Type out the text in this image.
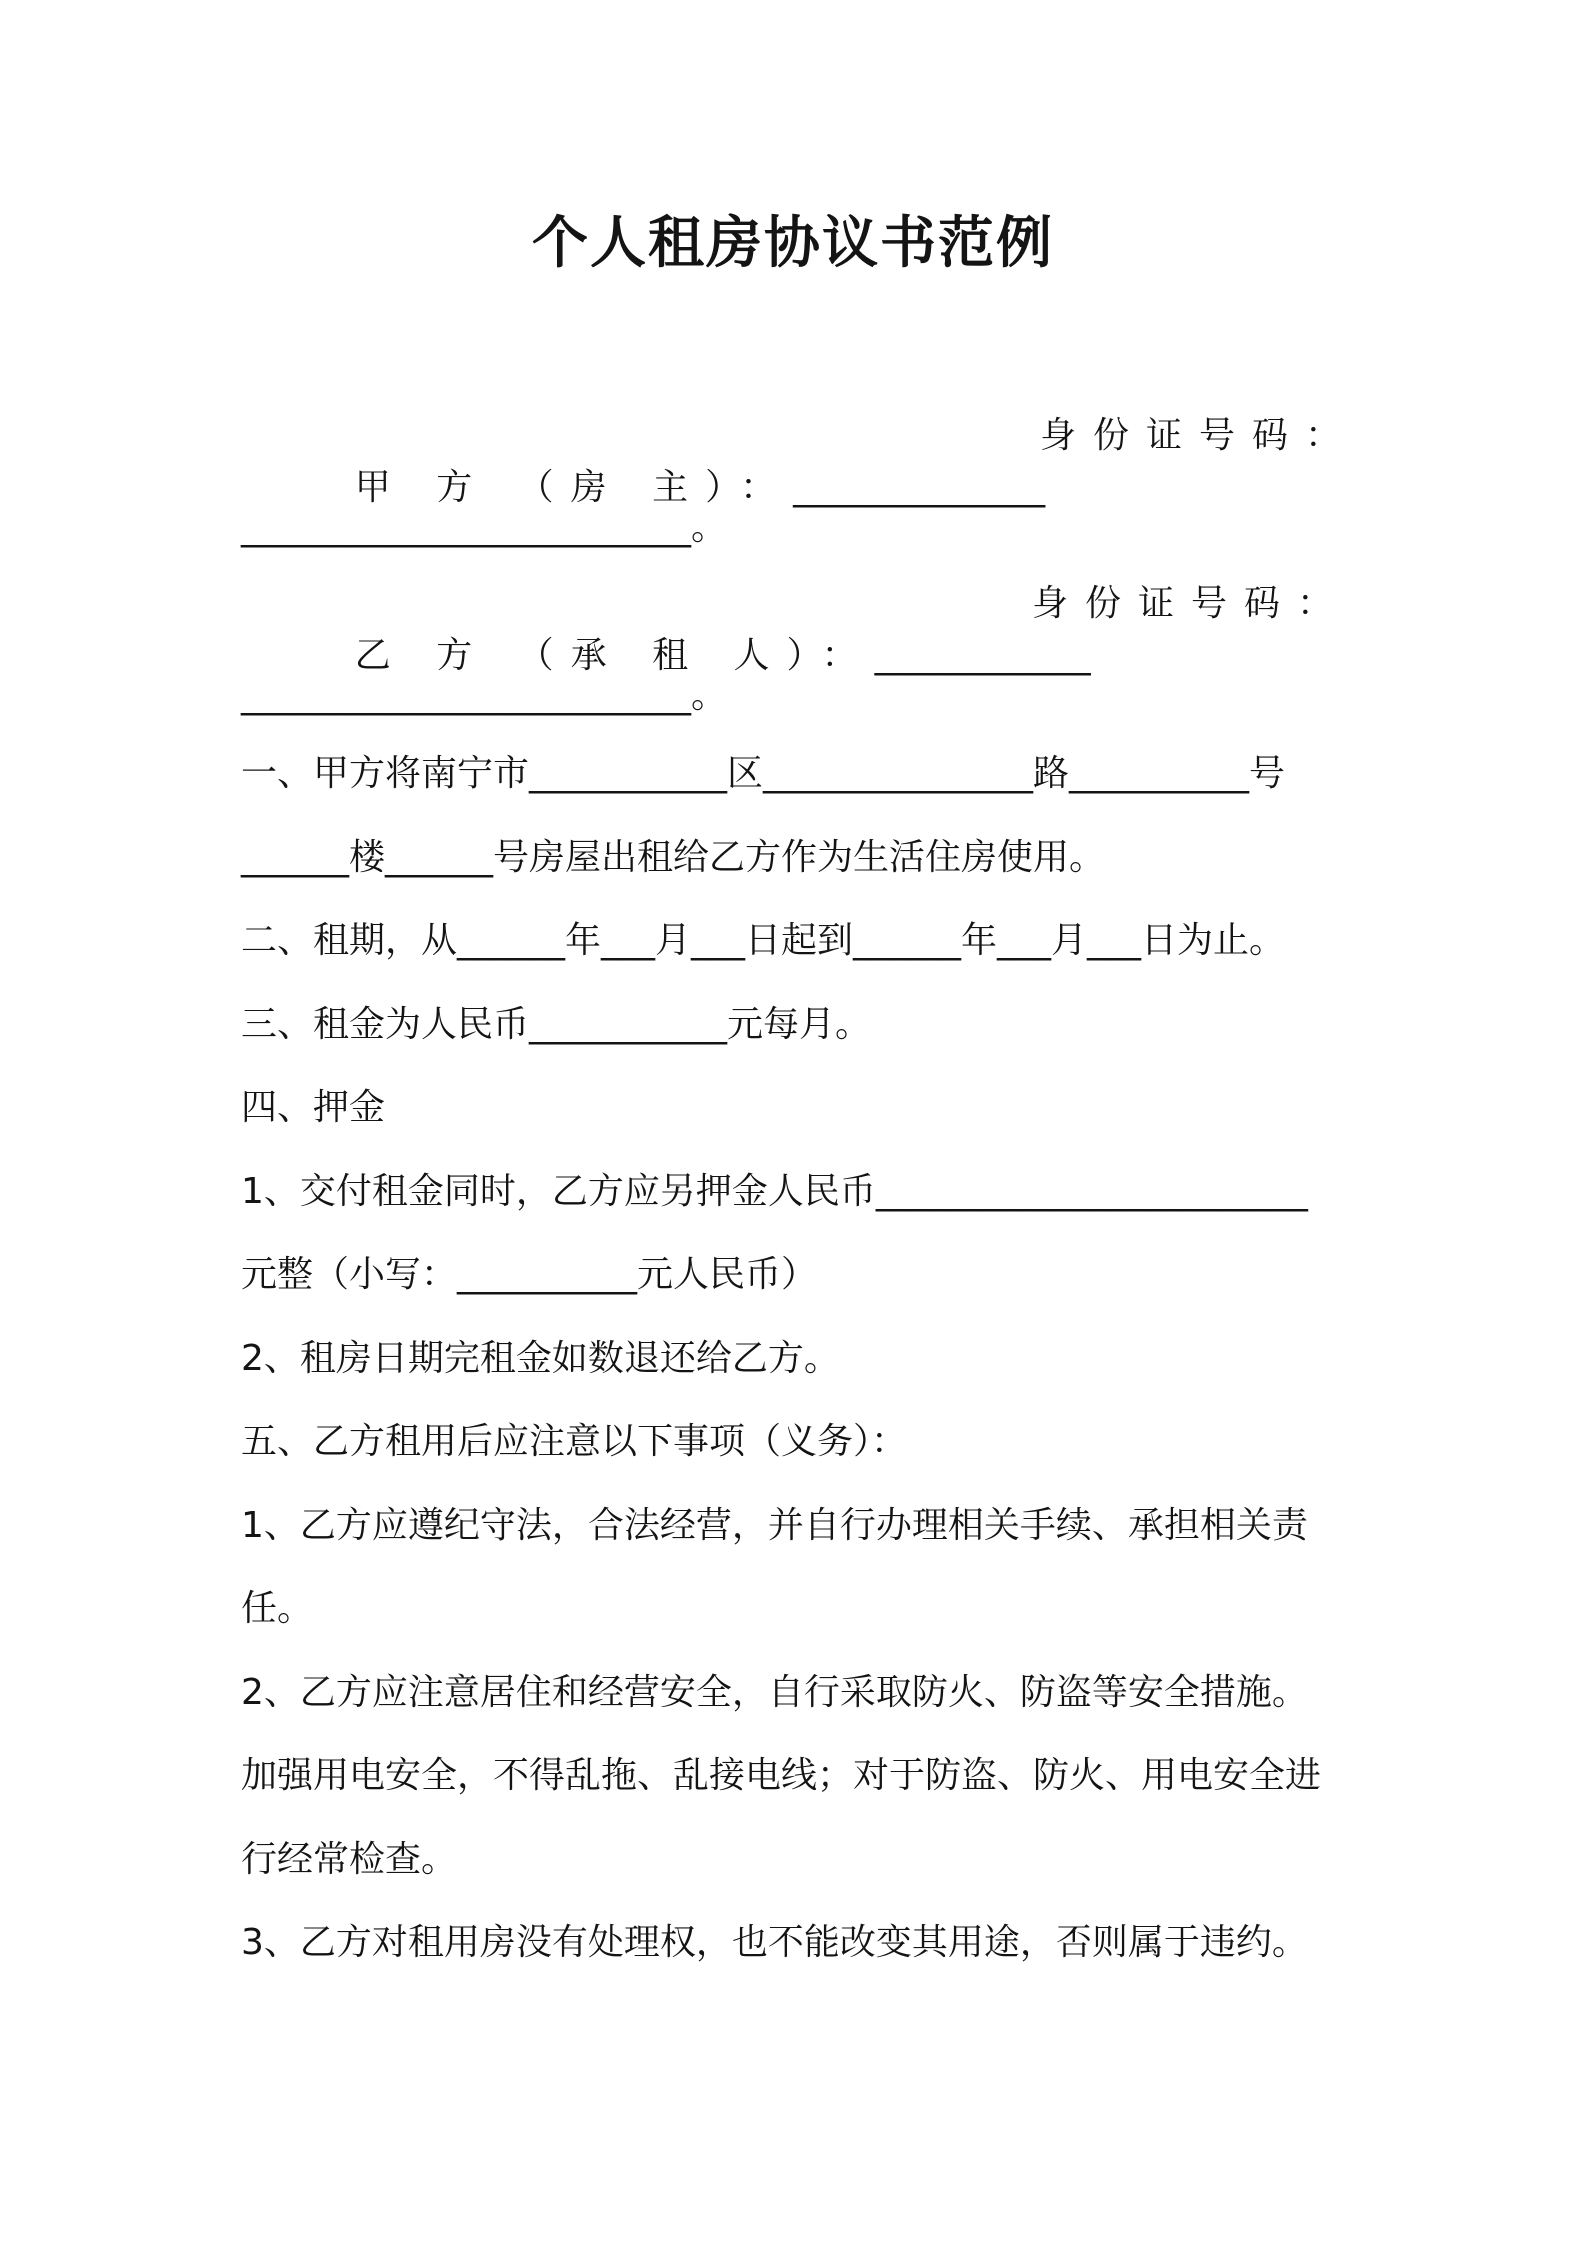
个人租房协议书范例

甲 方 （房 主）：______________

身份证号码：
_________________________。

乙 方 （承 租 人）：____________

身份证号码：
_________________________。
一、甲方将南宁市___________区_______________路__________号
______楼______号房屋出租给乙方作为生活住房使用。
二、租期，从______年___月___日起到______年___月___日为止。
三、租金为人民币___________元每月。
四、押金
1、交付租金同时，乙方应另押金人民币________________________
元整（小写：__________元人民币）
2、租房日期完租金如数退还给乙方。
五、乙方租用后应注意以下事项（义务）：
1、乙方应遵纪守法，合法经营，并自行办理相关手续、承担相关责
任。
2、乙方应注意居住和经营安全，自行采取防火、防盗等安全措施。
加强用电安全，不得乱拖、乱接电线；对于防盗、防火、用电安全进
行经常检查。
3、乙方对租用房没有处理权，也不能改变其用途，否则属于违约。
